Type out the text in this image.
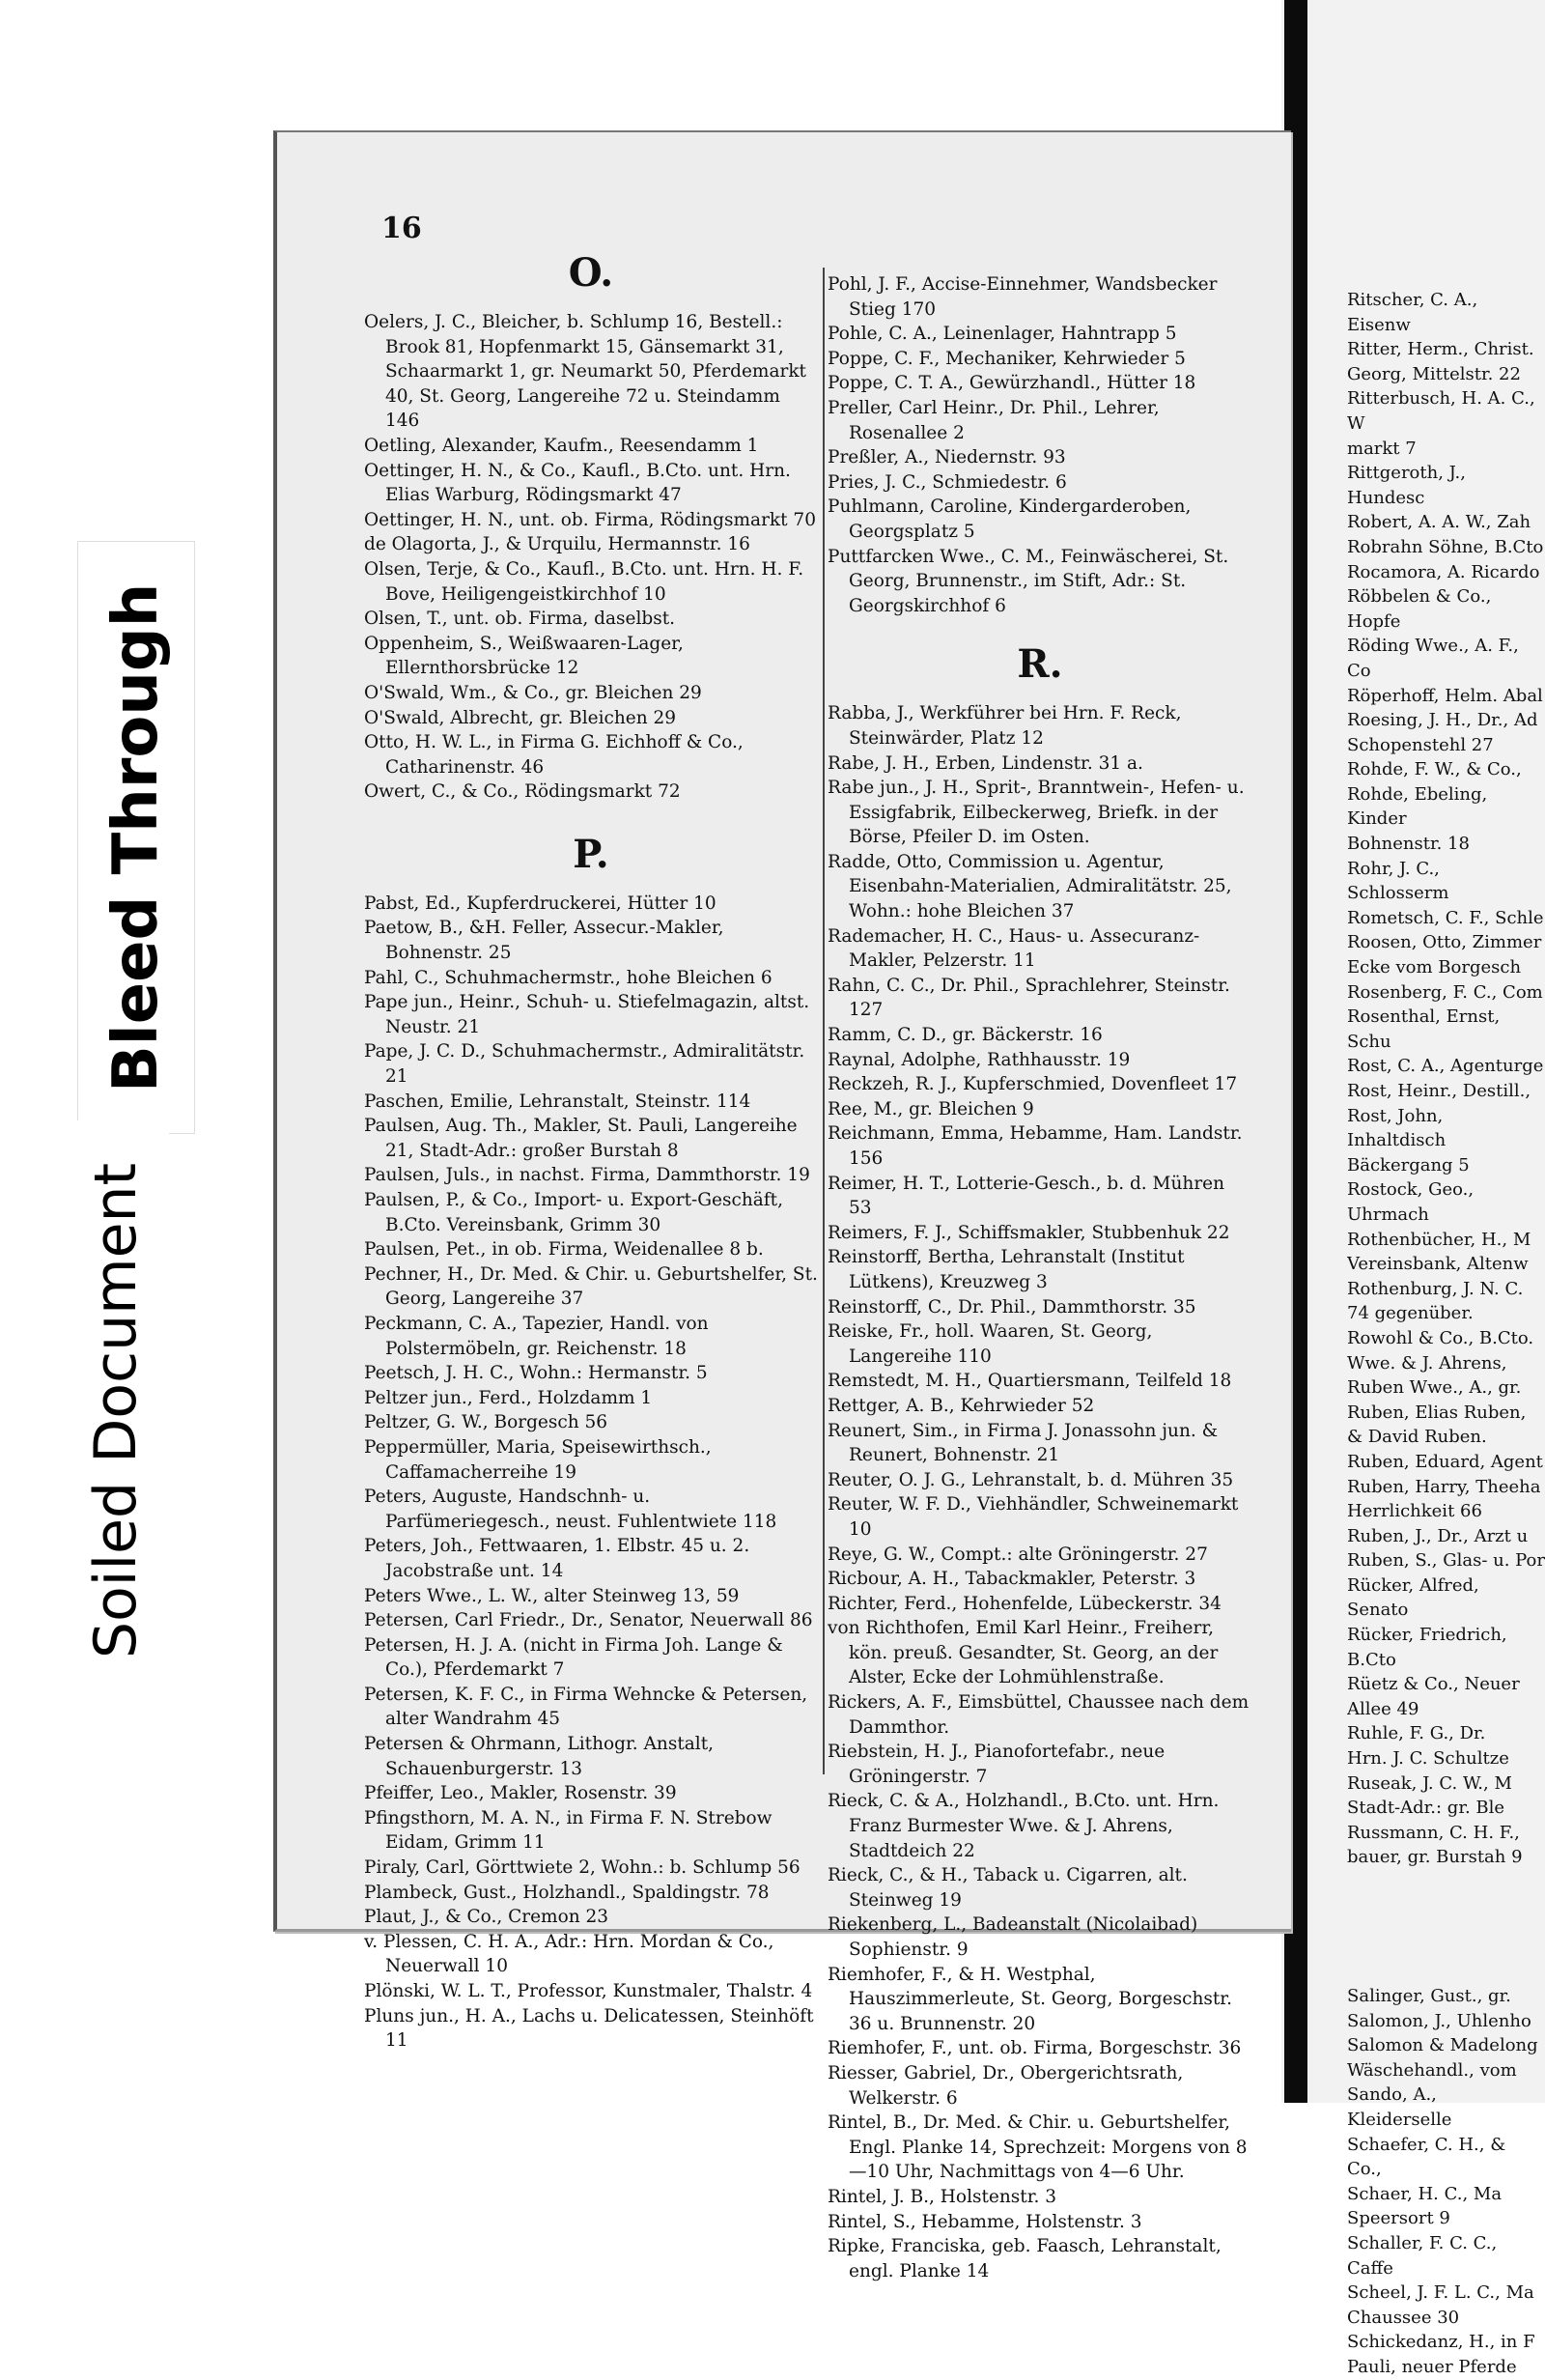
16
O.
Oelers, J. C., Bleicher, b. Schlump 16, Bestell.: Brook 81, Hopfenmarkt 15, Gänsemarkt 31, Schaarmarkt 1, gr. Neumarkt 50, Pferdemarkt 40, St. Georg, Langereihe 72 u. Steindamm 146
Oetling, Alexander, Kaufm., Reesendamm 1
Oettinger, H. N., & Co., Kaufl., B.Cto. unt. Hrn. Elias Warburg, Rödingsmarkt 47
Oettinger, H. N., unt. ob. Firma, Rödingsmarkt 70
de Olagorta, J., & Urquilu, Hermannstr. 16
Olsen, Terje, & Co., Kaufl., B.Cto. unt. Hrn. H. F. Bove, Heiligengeistkirchhof 10
Olsen, T., unt. ob. Firma, daselbst.
Oppenheim, S., Weißwaaren-Lager, Ellernthorsbrücke 12
O'Swald, Wm., & Co., gr. Bleichen 29
O'Swald, Albrecht, gr. Bleichen 29
Otto, H. W. L., in Firma G. Eichhoff & Co., Catharinenstr. 46
Owert, C., & Co., Rödingsmarkt 72
P.
Pabst, Ed., Kupferdruckerei, Hütter 10
Paetow, B., &H. Feller, Assecur.-Makler, Bohnenstr. 25
Pahl, C., Schuhmachermstr., hohe Bleichen 6
Pape jun., Heinr., Schuh- u. Stiefelmagazin, altst. Neustr. 21
Pape, J. C. D., Schuhmachermstr., Admiralitätstr. 21
Paschen, Emilie, Lehranstalt, Steinstr. 114
Paulsen, Aug. Th., Makler, St. Pauli, Langereihe 21, Stadt-Adr.: großer Burstah 8
Paulsen, Juls., in nachst. Firma, Dammthorstr. 19
Paulsen, P., & Co., Import- u. Export-Geschäft, B.Cto. Vereinsbank, Grimm 30
Paulsen, Pet., in ob. Firma, Weidenallee 8 b.
Pechner, H., Dr. Med. & Chir. u. Geburtshelfer, St. Georg, Langereihe 37
Peckmann, C. A., Tapezier, Handl. von Polstermöbeln, gr. Reichenstr. 18
Peetsch, J. H. C., Wohn.: Hermanstr. 5
Peltzer jun., Ferd., Holzdamm 1
Peltzer, G. W., Borgesch 56
Peppermüller, Maria, Speisewirthsch., Caffamacherreihe 19
Peters, Auguste, Handschnh- u. Parfümeriegesch., neust. Fuhlentwiete 118
Peters, Joh., Fettwaaren, 1. Elbstr. 45 u. 2. Jacobstraße unt. 14
Peters Wwe., L. W., alter Steinweg 13, 59
Petersen, Carl Friedr., Dr., Senator, Neuerwall 86
Petersen, H. J. A. (nicht in Firma Joh. Lange & Co.), Pferdemarkt 7
Petersen, K. F. C., in Firma Wehncke & Petersen, alter Wandrahm 45
Petersen & Ohrmann, Lithogr. Anstalt, Schauenburgerstr. 13
Pfeiffer, Leo., Makler, Rosenstr. 39
Pfingsthorn, M. A. N., in Firma F. N. Strebow Eidam, Grimm 11
Piraly, Carl, Görttwiete 2, Wohn.: b. Schlump 56
Plambeck, Gust., Holzhandl., Spaldingstr. 78
Plaut, J., & Co., Cremon 23
v. Plessen, C. H. A., Adr.: Hrn. Mordan & Co., Neuerwall 10
Plönski, W. L. T., Professor, Kunstmaler, Thalstr. 4
Pluns jun., H. A., Lachs u. Delicatessen, Steinhöft 11
Pohl, J. F., Accise-Einnehmer, Wandsbecker Stieg 170
Pohle, C. A., Leinenlager, Hahntrapp 5
Poppe, C. F., Mechaniker, Kehrwieder 5
Poppe, C. T. A., Gewürzhandl., Hütter 18
Preller, Carl Heinr., Dr. Phil., Lehrer, Rosenallee 2
Preßler, A., Niedernstr. 93
Pries, J. C., Schmiedestr. 6
Puhlmann, Caroline, Kindergarderoben, Georgsplatz 5
Puttfarcken Wwe., C. M., Feinwäscherei, St. Georg, Brunnenstr., im Stift, Adr.: St. Georgskirchhof 6
R.
Rabba, J., Werkführer bei Hrn. F. Reck, Steinwärder, Platz 12
Rabe, J. H., Erben, Lindenstr. 31 a.
Rabe jun., J. H., Sprit-, Branntwein-, Hefen- u. Essigfabrik, Eilbeckerweg, Briefk. in der Börse, Pfeiler D. im Osten.
Radde, Otto, Commission u. Agentur, Eisenbahn-Materialien, Admiralitätstr. 25, Wohn.: hohe Bleichen 37
Rademacher, H. C., Haus- u. Assecuranz-Makler, Pelzerstr. 11
Rahn, C. C., Dr. Phil., Sprachlehrer, Steinstr. 127
Ramm, C. D., gr. Bäckerstr. 16
Raynal, Adolphe, Rathhausstr. 19
Reckzeh, R. J., Kupferschmied, Dovenfleet 17
Ree, M., gr. Bleichen 9
Reichmann, Emma, Hebamme, Ham. Landstr. 156
Reimer, H. T., Lotterie-Gesch., b. d. Mühren 53
Reimers, F. J., Schiffsmakler, Stubbenhuk 22
Reinstorff, Bertha, Lehranstalt (Institut Lütkens), Kreuzweg 3
Reinstorff, C., Dr. Phil., Dammthorstr. 35
Reiske, Fr., holl. Waaren, St. Georg, Langereihe 110
Remstedt, M. H., Quartiersmann, Teilfeld 18
Rettger, A. B., Kehrwieder 52
Reunert, Sim., in Firma J. Jonassohn jun. & Reunert, Bohnenstr. 21
Reuter, O. J. G., Lehranstalt, b. d. Mühren 35
Reuter, W. F. D., Viehhändler, Schweinemarkt 10
Reye, G. W., Compt.: alte Gröningerstr. 27
Ricbour, A. H., Tabackmakler, Peterstr. 3
Richter, Ferd., Hohenfelde, Lübeckerstr. 34
von Richthofen, Emil Karl Heinr., Freiherr, kön. preuß. Gesandter, St. Georg, an der Alster, Ecke der Lohmühlenstraße.
Rickers, A. F., Eimsbüttel, Chaussee nach dem Dammthor.
Riebstein, H. J., Pianofortefabr., neue Gröningerstr. 7
Rieck, C. & A., Holzhandl., B.Cto. unt. Hrn. Franz Burmester Wwe. & J. Ahrens, Stadtdeich 22
Rieck, C., & H., Taback u. Cigarren, alt. Steinweg 19
Riekenberg, L., Badeanstalt (Nicolaibad) Sophienstr. 9
Riemhofer, F., & H. Westphal, Hauszimmerleute, St. Georg, Borgeschstr. 36 u. Brunnenstr. 20
Riemhofer, F., unt. ob. Firma, Borgeschstr. 36
Riesser, Gabriel, Dr., Obergerichtsrath, Welkerstr. 6
Rintel, B., Dr. Med. & Chir. u. Geburtshelfer, Engl. Planke 14, Sprechzeit: Morgens von 8—10 Uhr, Nachmittags von 4—6 Uhr.
Rintel, J. B., Holstenstr. 3
Rintel, S., Hebamme, Holstenstr. 3
Ripke, Franciska, geb. Faasch, Lehranstalt, engl. Planke 14
Ritscher, C. A., Eisenw
Ritter, Herm., Christ.
Georg, Mittelstr. 22
Ritterbusch, H. A. C., W
markt 7
Rittgeroth, J., Hundesc
Robert, A. A. W., Zah
Robrahn Söhne, B.Cto
Rocamora, A. Ricardo
Röbbelen & Co., Hopfe
Röding Wwe., A. F., Co
Röperhoff, Helm. Abal
Roesing, J. H., Dr., Ad
Schopenstehl 27
Rohde, F. W., & Co.,
Rohde, Ebeling, Kinder
Bohnenstr. 18
Rohr, J. C., Schlosserm
Rometsch, C. F., Schle
Roosen, Otto, Zimmer
Ecke vom Borgesch
Rosenberg, F. C., Com
Rosenthal, Ernst, Schu
Rost, C. A., Agenturge
Rost, Heinr., Destill.,
Rost, John, Inhaltdisch
Bäckergang 5
Rostock, Geo., Uhrmach
Rothenbücher, H., M
Vereinsbank, Altenw
Rothenburg, J. N. C.
74 gegenüber.
Rowohl & Co., B.Cto.
Wwe. & J. Ahrens,
Ruben Wwe., A., gr.
Ruben, Elias Ruben,
& David Ruben.
Ruben, Eduard, Agent
Ruben, Harry, Theeha
Herrlichkeit 66
Ruben, J., Dr., Arzt u
Ruben, S., Glas- u. Por
Rücker, Alfred, Senato
Rücker, Friedrich, B.Cto
Rüetz & Co., Neuer
Allee 49
Ruhle, F. G., Dr.
Hrn. J. C. Schultze
Ruseak, J. C. W., M
Stadt-Adr.: gr. Ble
Russmann, C. H. F.,
bauer, gr. Burstah 9
Salinger, Gust., gr.
Salomon, J., Uhlenho
Salomon & Madelong
Wäschehandl., vom
Sando, A., Kleiderselle
Schaefer, C. H., & Co.,
Schaer, H. C., Ma
Speersort 9
Schaller, F. C. C., Caffe
Scheel, J. F. L. C., Ma
Chaussee 30
Schickedanz, H., in F
Pauli, neuer Pferde
Bleed Through
Soiled Document
